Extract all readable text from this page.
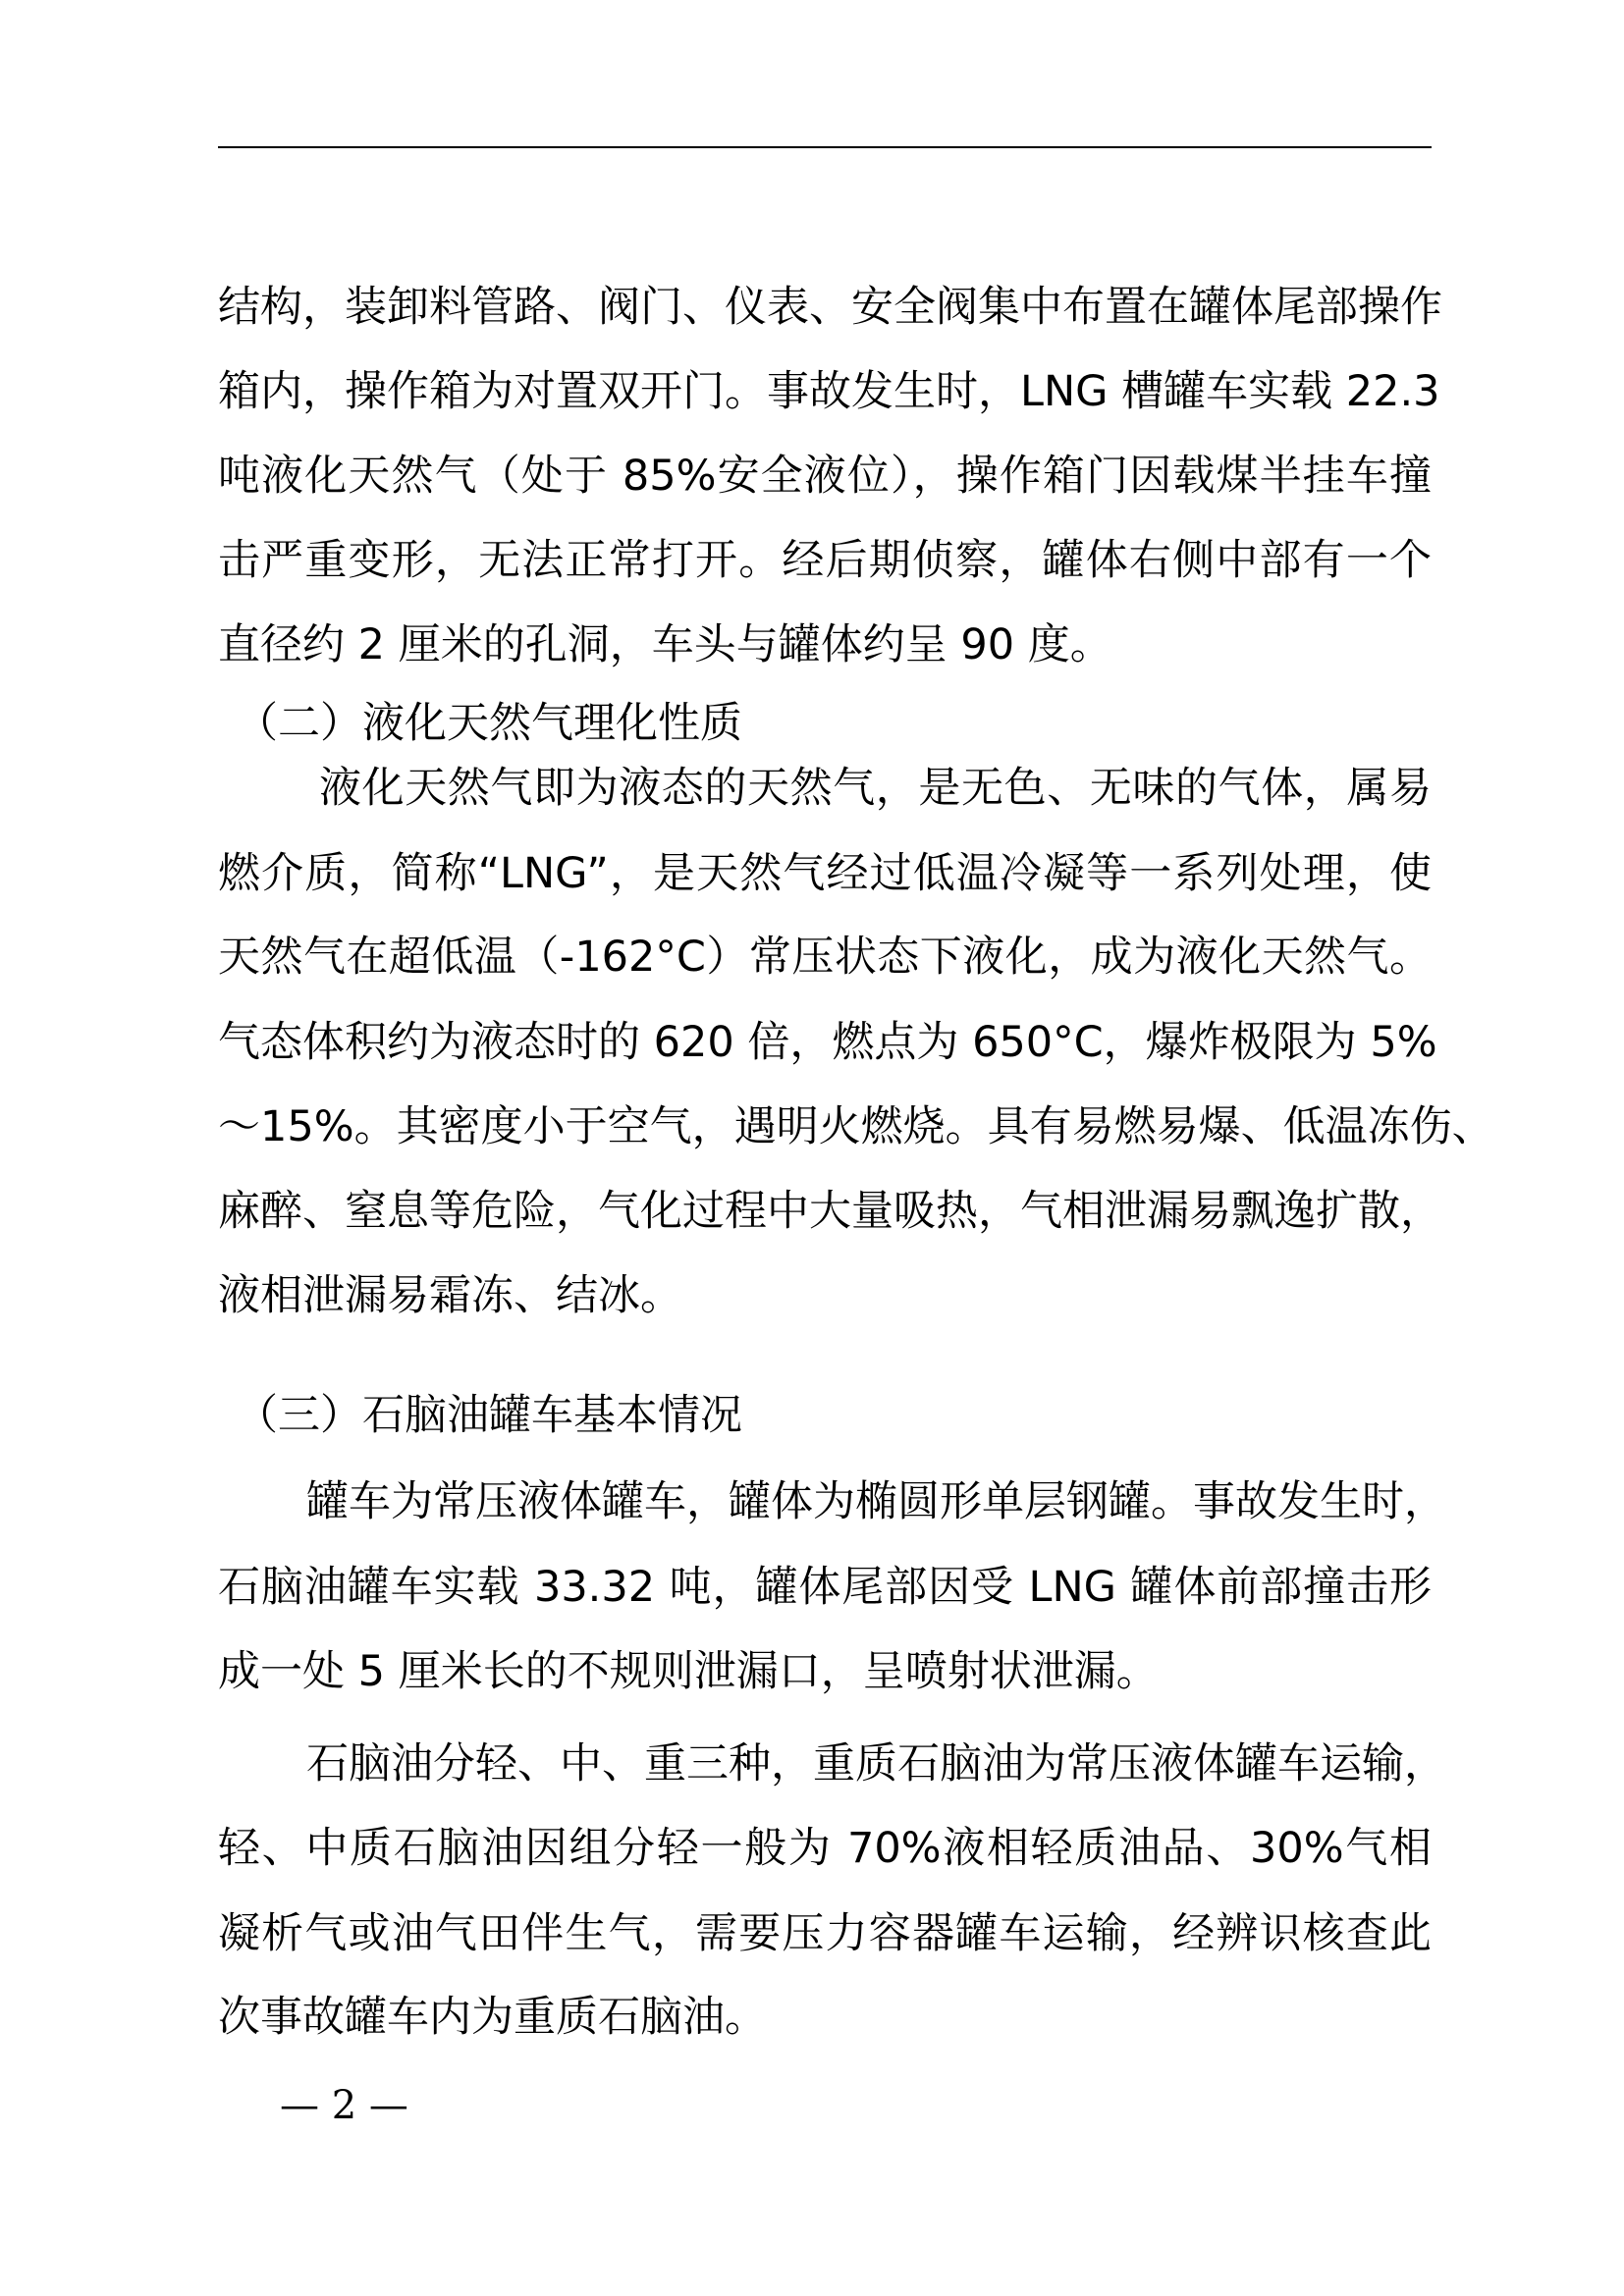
结构，装卸料管路、阀门、仪表、安全阀集中布置在罐体尾部操作
箱内，操作箱为对置双开门。事故发生时，LNG 槽罐车实载 22.3
吨液化天然气（处于 85%安全液位），操作箱门因载煤半挂车撞
击严重变形，无法正常打开。经后期侦察，罐体右侧中部有一个
直径约 2 厘米的孔洞，车头与罐体约呈 90 度。
（二）液化天然气理化性质
液化天然气即为液态的天然气，是无色、无味的气体，属易
燃介质，简称“LNG”，是天然气经过低温冷凝等一系列处理，使
天然气在超低温（-162°C）常压状态下液化，成为液化天然气。
气态体积约为液态时的 620 倍，燃点为 650°C，爆炸极限为 5%
～15%。其密度小于空气，遇明火燃烧。具有易燃易爆、低温冻伤、
麻醉、窒息等危险，气化过程中大量吸热，气相泄漏易飘逸扩散，
液相泄漏易霜冻、结冰。
（三）石脑油罐车基本情况
罐车为常压液体罐车，罐体为椭圆形单层钢罐。事故发生时，
石脑油罐车实载 33.32 吨，罐体尾部因受 LNG 罐体前部撞击形
成一处 5 厘米长的不规则泄漏口，呈喷射状泄漏。
石脑油分轻、中、重三种，重质石脑油为常压液体罐车运输，
轻、中质石脑油因组分轻一般为 70%液相轻质油品、30%气相
凝析气或油气田伴生气，需要压力容器罐车运输，经辨识核查此
次事故罐车内为重质石脑油。
— 2 —
